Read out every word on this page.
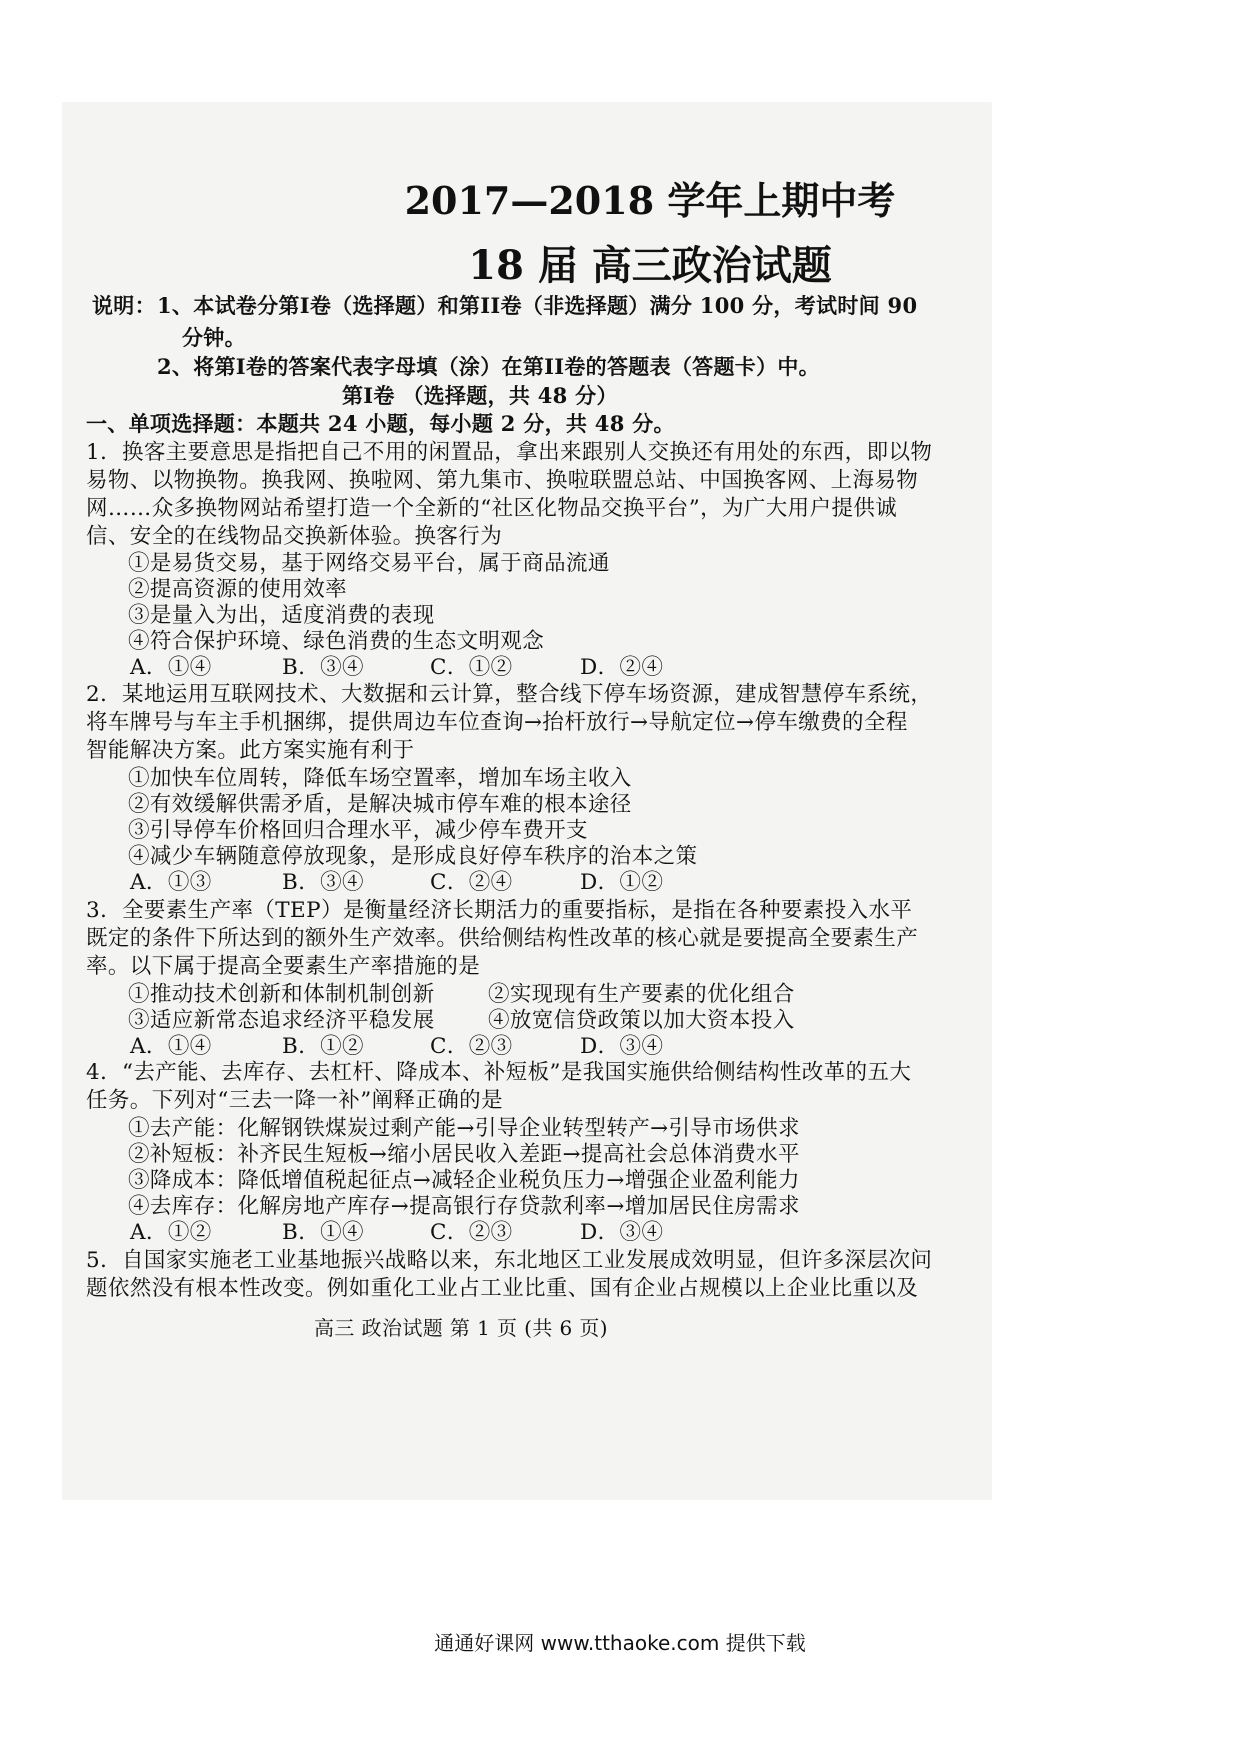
2017—2018 学年上期中考
18 届 高三政治试题
说明： 1、本试卷分第I卷（选择题）和第II卷（非选择题）满分 100 分，考试时间 90
分钟。
2、将第I卷的答案代表字母填（涂）在第II卷的答题表（答题卡）中。
第I卷 （选择题，共 48 分）
一、单项选择题：本题共 24 小题，每小题 2 分，共 48 分。
1．换客主要意思是指把自己不用的闲置品，拿出来跟别人交换还有用处的东西，即以物
易物、以物换物。换我网、换啦网、第九集市、换啦联盟总站、中国换客网、上海易物
网……众多换物网站希望打造一个全新的“社区化物品交换平台”，为广大用户提供诚
信、安全的在线物品交换新体验。换客行为
①是易货交易，基于网络交易平台，属于商品流通
②提高资源的使用效率
③是量入为出，适度消费的表现
④符合保护环境、绿色消费的生态文明观念
A．①④	B．③④	C．①②	D．②④
2．某地运用互联网技术、大数据和云计算，整合线下停车场资源，建成智慧停车系统，
将车牌号与车主手机捆绑，提供周边车位查询→抬杆放行→导航定位→停车缴费的全程
智能解决方案。此方案实施有利于
①加快车位周转，降低车场空置率，增加车场主收入
②有效缓解供需矛盾，是解决城市停车难的根本途径
③引导停车价格回归合理水平，减少停车费开支
④减少车辆随意停放现象，是形成良好停车秩序的治本之策
A．①③	B．③④	C．②④	D．①②
3．全要素生产率（TEP）是衡量经济长期活力的重要指标，是指在各种要素投入水平
既定的条件下所达到的额外生产效率。供给侧结构性改革的核心就是要提高全要素生产
率。以下属于提高全要素生产率措施的是
①推动技术创新和体制机制创新 ②实现现有生产要素的优化组合
③适应新常态追求经济平稳发展 ④放宽信贷政策以加大资本投入
A．①④	B．①②	C．②③	D．③④
4．“去产能、去库存、去杠杆、降成本、补短板”是我国实施供给侧结构性改革的五大
任务。下列对“三去一降一补”阐释正确的是
①去产能：化解钢铁煤炭过剩产能→引导企业转型转产→引导市场供求
②补短板：补齐民生短板→缩小居民收入差距→提高社会总体消费水平
③降成本：降低增值税起征点→减轻企业税负压力→增强企业盈利能力
④去库存：化解房地产库存→提高银行存贷款利率→增加居民住房需求
A．①②	B．①④	C．②③	D．③④
5．自国家实施老工业基地振兴战略以来，东北地区工业发展成效明显，但许多深层次问
题依然没有根本性改变。例如重化工业占工业比重、国有企业占规模以上企业比重以及
高三 政治试题 第 1 页 (共 6 页)
通通好课网 www.tthaoke.com 提供下载
